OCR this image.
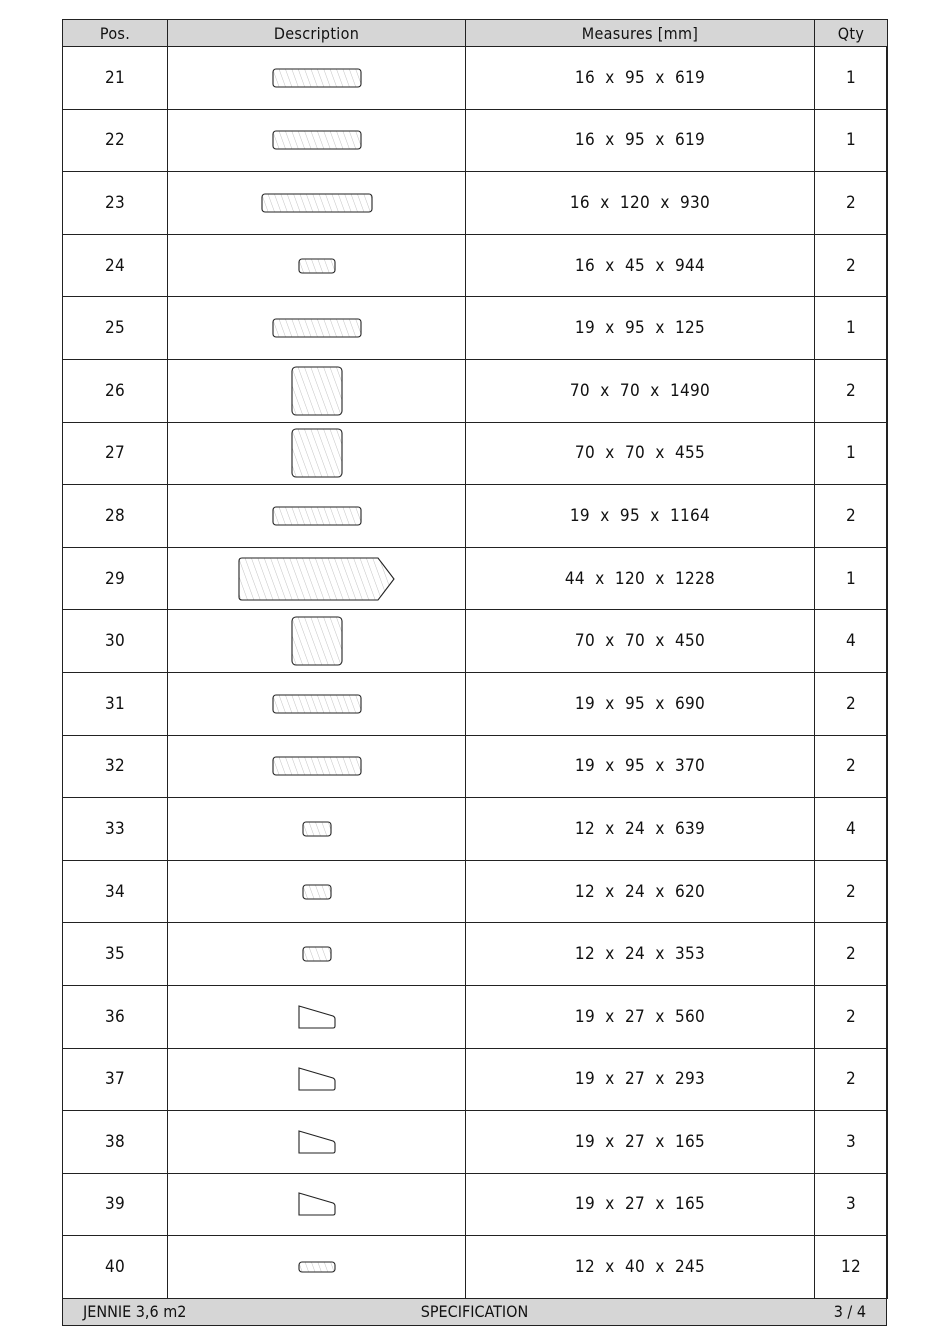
Pos.	Description	Measures [mm]	Qty
21		16  x  95  x  619	1
22		16  x  95  x  619	1
23		16  x  120  x  930	2
24		16  x  45  x  944	2
25		19  x  95  x  125	1
26		70  x  70  x  1490	2
27		70  x  70  x  455	1
28		19  x  95  x  1164	2
29		44  x  120  x  1228	1
30		70  x  70  x  450	4
31		19  x  95  x  690	2
32		19  x  95  x  370	2
33		12  x  24  x  639	4
34		12  x  24  x  620	2
35		12  x  24  x  353	2
36		19  x  27  x  560	2
37		19  x  27  x  293	2
38		19  x  27  x  165	3
39		19  x  27  x  165	3
40		12  x  40  x  245	12
JENNIE 3,6 m2	SPECIFICATION	3 / 4
